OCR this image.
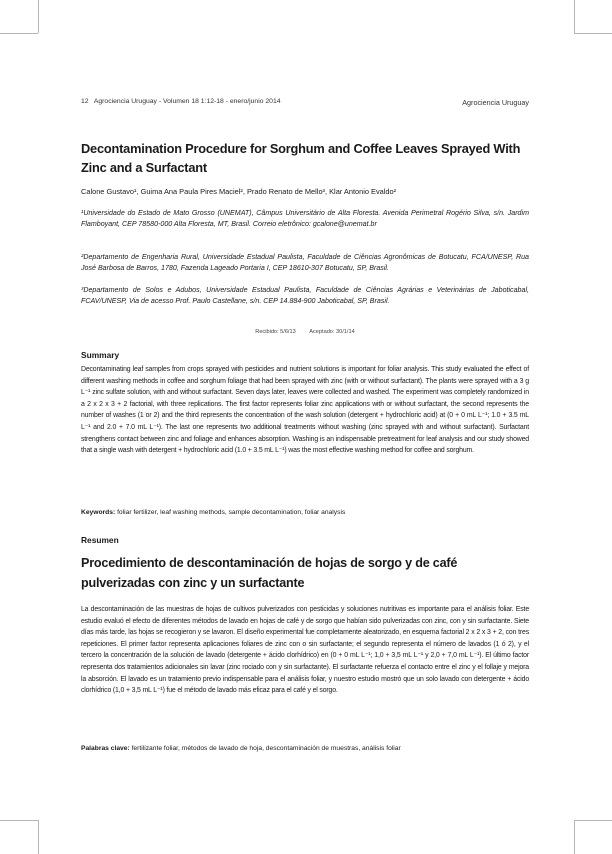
12 Agrociencia Uruguay - Volumen 18 1:12-18 - enero/junio 2014	Agrociencia Uruguay
Decontamination Procedure for Sorghum and Coffee Leaves Sprayed With Zinc and a Surfactant
Calone Gustavo¹, Guima Ana Paula Pires Maciel², Prado Renato de Mello³, Klar Antonio Evaldo²
¹Universidade do Estado de Mato Grosso (UNEMAT), Câmpus Universitário de Alta Floresta. Avenida Perimetral Rogério Silva, s/n. Jardim Flamboyant, CEP 78580-000 Alta Floresta, MT, Brasil. Correio eletrônico: gcalone@unemat.br
²Departamento de Engenharia Rural, Universidade Estadual Paulista, Faculdade de Ciências Agronômicas de Botucatu, FCA/UNESP, Rua José Barbosa de Barros, 1780, Fazenda Lageado Portaria I, CEP 18610-307 Botucatu, SP, Brasil.
³Departamento de Solos e Adubos, Universidade Estadual Paulista, Faculdade de Ciências Agrárias e Veterinárias de Jaboticabal, FCAV/UNESP, Via de acesso Prof. Paulo Castellane, s/n. CEP 14.884-900 Jaboticabal, SP, Brasil.
Recibido: 5/6/13 Aceptado: 30/1/14
Summary
Decontaminating leaf samples from crops sprayed with pesticides and nutrient solutions is important for foliar analysis. This study evaluated the effect of different washing methods in coffee and sorghum foliage that had been sprayed with zinc (with or without surfactant). The plants were sprayed with a 3 g L⁻¹ zinc sulfate solution, with and without surfactant. Seven days later, leaves were collected and washed. The experiment was completely randomized in a 2 x 2 x 3 + 2 factorial, with three replications. The first factor represents foliar zinc applications with or without surfactant, the second represents the number of washes (1 or 2) and the third represents the concentration of the wash solution (detergent + hydrochloric acid) at (0 + 0 mL L⁻¹; 1.0 + 3.5 mL L⁻¹ and 2.0 + 7.0 mL L⁻¹). The last one represents two additional treatments without washing (zinc sprayed with and without surfactant). Surfactant strengthens contact between zinc and foliage and enhances absorption. Washing is an indispensable pretreatment for leaf analysis and our study showed that a single wash with detergent + hydrochloric acid (1.0 + 3.5 mL L⁻¹) was the most effective washing method for coffee and sorghum.
Keywords: foliar fertilizer, leaf washing methods, sample decontamination, foliar analysis
Resumen
Procedimiento de descontaminación de hojas de sorgo y de café pulverizadas con zinc y un surfactante
La descontaminación de las muestras de hojas de cultivos pulverizados con pesticidas y soluciones nutritivas es importante para el análisis foliar. Este estudio evaluó el efecto de diferentes métodos de lavado en hojas de café y de sorgo que habían sido pulverizadas con zinc, con y sin surfactante. Siete días más tarde, las hojas se recogieron y se lavaron. El diseño experimental fue completamente aleatorizado, en esquema factorial 2 x 2 x 3 + 2, con tres repeticiones. El primer factor representa aplicaciones foliares de zinc con o sin surfactante; el segundo representa el número de lavados (1 ó 2), y el tercero la concentración de la solución de lavado (detergente + ácido clorhídrico) en (0 + 0 mL L⁻¹; 1,0 + 3,5 mL L⁻¹ y 2,0 + 7,0 mL L⁻¹). El último factor representa dos tratamientos adicionales sin lavar (zinc rociado con y sin surfactante). El surfactante refuerza el contacto entre el zinc y el follaje y mejora la absorción. El lavado es un tratamiento previo indispensable para el análisis foliar, y nuestro estudio mostró que un solo lavado con detergente + ácido clorhídrico (1,0 + 3,5 mL L⁻¹) fue el método de lavado más eficaz para el café y el sorgo.
Palabras clave: fertilizante foliar, métodos de lavado de hoja, descontaminación de muestras, análisis foliar
